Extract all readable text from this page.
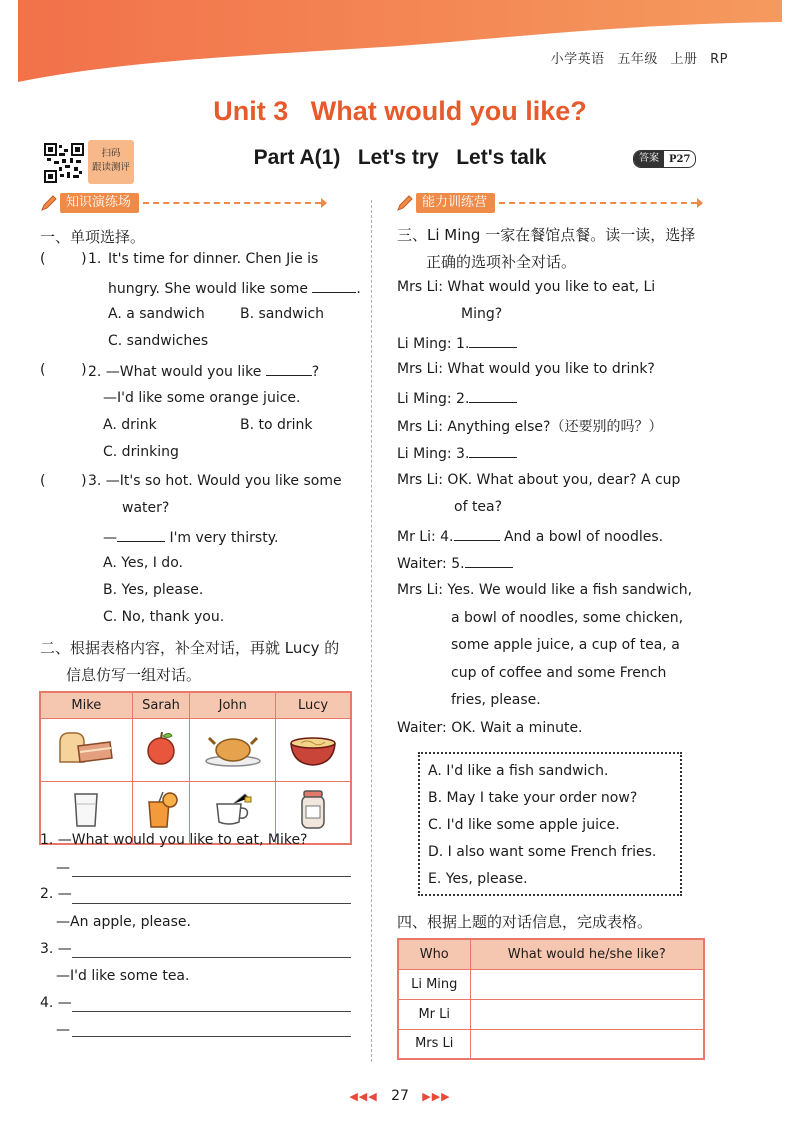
小学英语 五年级 上册 RP
Unit 3   What would you like?
扫码
跟读测评	Part A(1)   Let's try   Let's talk	答案	P27
知识演练场	能力训练营
一、单项选择。
(        ) 1. It's time for dinner. Chen Jie is
hungry. She would like some	.
A. a sandwich	B. sandwich
C. sandwiches
(        ) 2. —What would you like	?
—I'd like some orange juice.
A. drink	B. to drink
C. drinking
(        ) 3. —It's so hot. Would you like some
water?
—	I'm very thirsty.
A. Yes, I do.
B. Yes, please.
C. No, thank you.
二、根据表格内容，补全对话，再就 Lucy 的
信息仿写一组对话。
Mike	Sarah	John	Lucy

1. —What would you like to eat, Mike?
—
2. —
—An apple, please.
3. —
—I'd like some tea.
4. —
—
三、Li Ming 一家在餐馆点餐。读一读，选择
正确的选项补全对话。
Mrs Li: What would you like to eat, Li
Ming?
Li Ming: 1.
Mrs Li: What would you like to drink?
Li Ming: 2.
Mrs Li: Anything else?（还要别的吗？）
Li Ming: 3.
Mrs Li: OK. What about you, dear? A cup
of tea?
Mr Li: 4.	And a bowl of noodles.
Waiter: 5.
Mrs Li: Yes. We would like a fish sandwich,
a bowl of noodles, some chicken,
some apple juice, a cup of tea, a
cup of coffee and some French
fries, please.
Waiter: OK. Wait a minute.
A. I'd like a fish sandwich.
B. May I take your order now?
C. I'd like some apple juice.
D. I also want some French fries.
E. Yes, please.
四、根据上题的对话信息，完成表格。
Who	What would he/she like?
Li Ming	
Mr Li	
Mrs Li	
◀◀◀ 27 ▶▶▶
